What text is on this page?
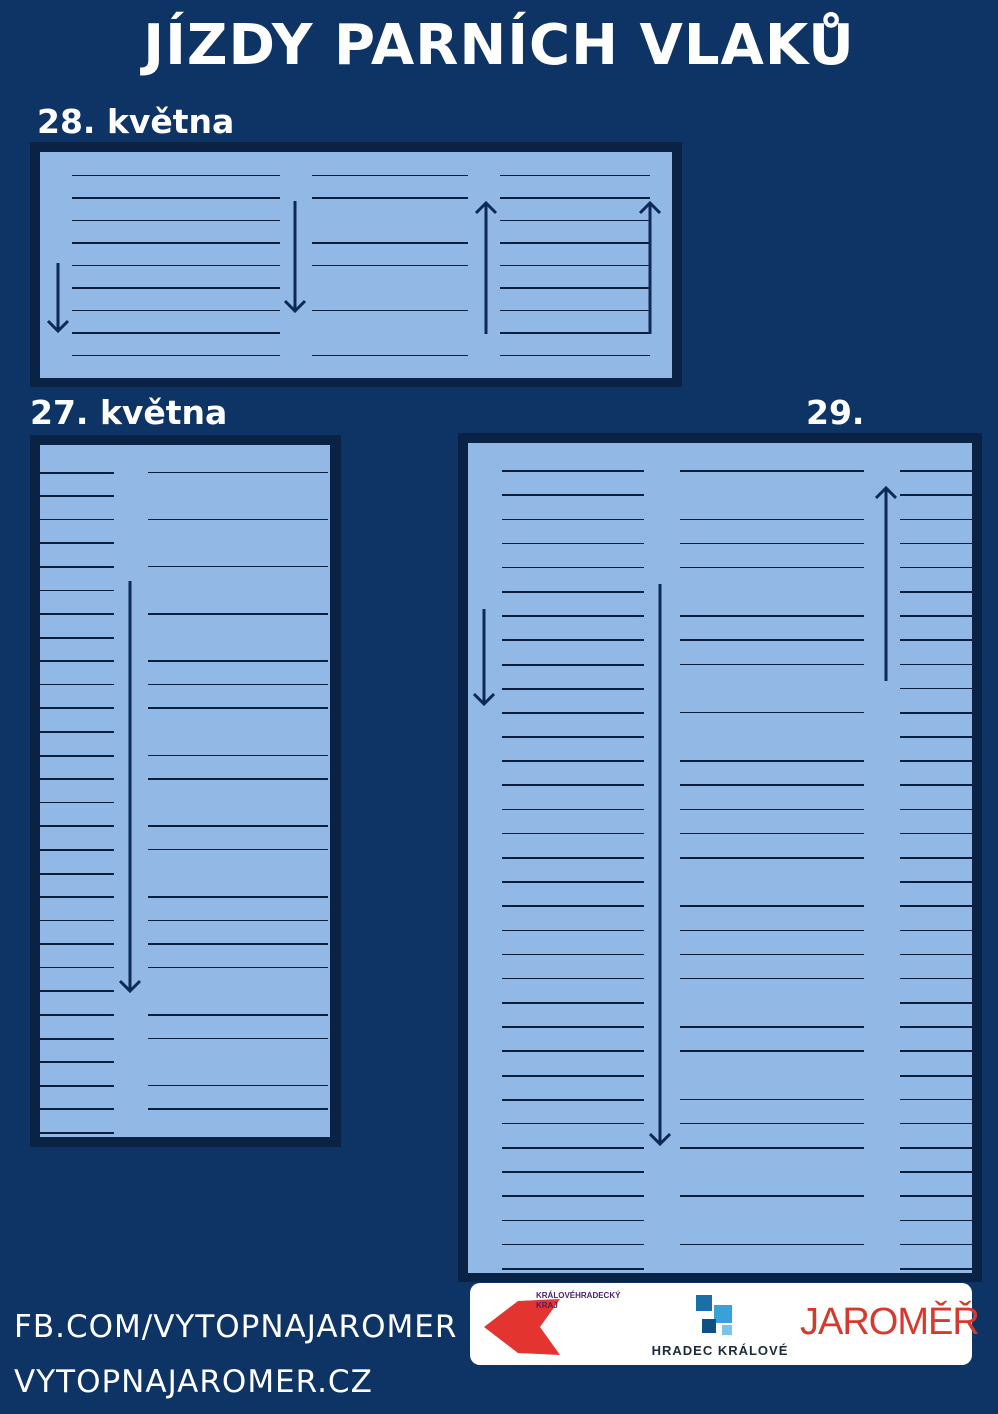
JÍZDY PARNÍCH VLAKŮ
28. května
27. května	29.
FB.COM/VYTOPNAJAROMER
VYTOPNAJAROMER.CZ
KRÁLOVÉHRADECKÝ KRAJ
HRADEC KRÁLOVÉ
JAROMĚŘ
